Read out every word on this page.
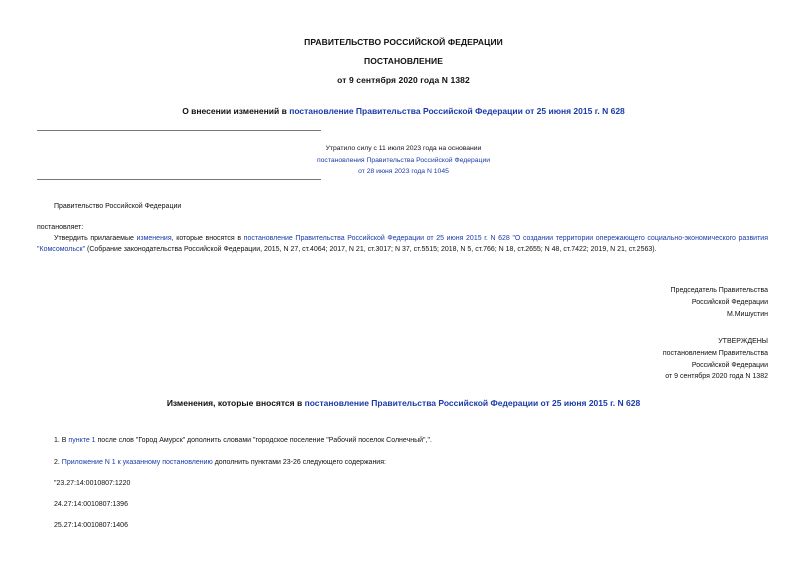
ПРАВИТЕЛЬСТВО РОССИЙСКОЙ ФЕДЕРАЦИИ
ПОСТАНОВЛЕНИЕ
от 9 сентября 2020 года N 1382
О внесении изменений в постановление Правительства Российской Федерации от 25 июня 2015 г. N 628
Утратило силу с 11 июля 2023 года на основании
постановления Правительства Российской Федерации
от 28 июня 2023 года N 1045
Правительство Российской Федерации
постановляет:
Утвердить прилагаемые изменения, которые вносятся в постановление Правительства Российской Федерации от 25 июня 2015 г. N 628 "О создании территории опережающего социально-экономического развития "Комсомольск" (Собрание законодательства Российской Федерации, 2015, N 27, ст.4064; 2017, N 21, ст.3017; N 37, ст.5515; 2018, N 5, ст.766; N 18, ст.2655; N 48, ст.7422; 2019, N 21, ст.2563).
Председатель Правительства
Российской Федерации
М.Мишустин
УТВЕРЖДЕНЫ
постановлением Правительства
Российской Федерации
от 9 сентября 2020 года N 1382
Изменения, которые вносятся в постановление Правительства Российской Федерации от 25 июня 2015 г. N 628
1. В пункте 1 после слов "Город Амурск" дополнить словами "городское поселение "Рабочий поселок Солнечный",".
2. Приложение N 1 к указанному постановлению дополнить пунктами 23-26 следующего содержания:
"23.27:14:0010807:1220
24.27:14:0010807:1396
25.27:14:0010807:1406
